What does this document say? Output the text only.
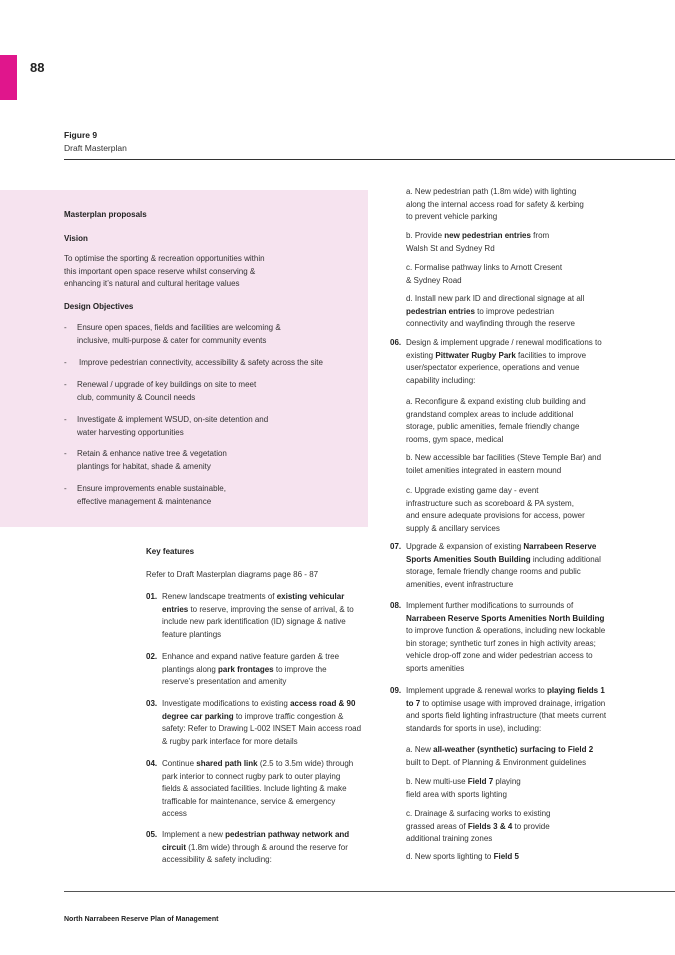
88
Figure 9
Draft Masterplan

Masterplan proposals

Vision

To optimise the sporting & recreation opportunities within this important open space reserve whilst conserving & enhancing it’s natural and cultural heritage values

Design Objectives

- Ensure open spaces, fields and facilities are welcoming & inclusive, multi-purpose & cater for community events
- Improve pedestrian connectivity, accessibility & safety across the site
- Renewal / upgrade of key buildings on site to meet club, community & Council needs
- Investigate & implement WSUD, on-site detention and water harvesting opportunities
- Retain & enhance native tree & vegetation plantings for habitat, shade & amenity
- Ensure improvements enable sustainable, effective management & maintenance

Key features

Refer to Draft Masterplan diagrams page 86 - 87

01. Renew landscape treatments of existing vehicular entries to reserve, improving the sense of arrival, & to include new park identification (ID) signage & native feature plantings
02. Enhance and expand native feature garden & tree plantings along park frontages to improve the reserve’s presentation and amenity
03. Investigate modifications to existing access road & 90 degree car parking to improve traffic congestion & safety: Refer to Drawing L-002 INSET Main access road & rugby park interface for more details
04. Continue shared path link (2.5 to 3.5m wide) through park interior to connect rugby park to outer playing fields & associated facilities. Include lighting & make trafficable for maintenance, service & emergency access
05. Implement a new pedestrian pathway network and circuit (1.8m wide) through & around the reserve for accessibility & safety including:
a. New pedestrian path (1.8m wide) with lighting along the internal access road for safety & kerbing to prevent vehicle parking
b. Provide new pedestrian entries from Walsh St and Sydney Rd
c. Formalise pathway links to Arnott Cresent & Sydney Road
d. Install new park ID and directional signage at all pedestrian entries to improve pedestrian connectivity and wayfinding through the reserve
06. Design & implement upgrade / renewal modifications to existing Pittwater Rugby Park facilities to improve user/spectator experience, operations and venue capability including:
a. Reconfigure & expand existing club building and grandstand complex areas to include additional storage, public amenities, female friendly change rooms, gym space, medical
b. New accessible bar facilities (Steve Temple Bar) and toilet amenities integrated in eastern mound
c. Upgrade existing game day - event infrastructure such as scoreboard & PA system, and ensure adequate provisions for access, power supply & ancillary services
07. Upgrade & expansion of existing Narrabeen Reserve Sports Amenities South Building including additional storage, female friendly change rooms and public amenities, event infrastructure
08. Implement further modifications to surrounds of Narrabeen Reserve Sports Amenities North Building to improve function & operations, including new lockable bin storage; synthetic turf zones in high activity areas; vehicle drop-off zone and wider pedestrian access to sports amenities
09. Implement upgrade & renewal works to playing fields 1 to 7 to optimise usage with improved drainage, irrigation and sports field lighting infrastructure (that meets current standards for sports in use), including:
a. New all-weather (synthetic) surfacing to Field 2 built to Dept. of Planning & Environment guidelines
b. New multi-use Field 7 playing field area with sports lighting
c. Drainage & surfacing works to existing grassed areas of Fields 3 & 4 to provide additional training zones
d. New sports lighting to Field 5
North Narrabeen Reserve Plan of Management
